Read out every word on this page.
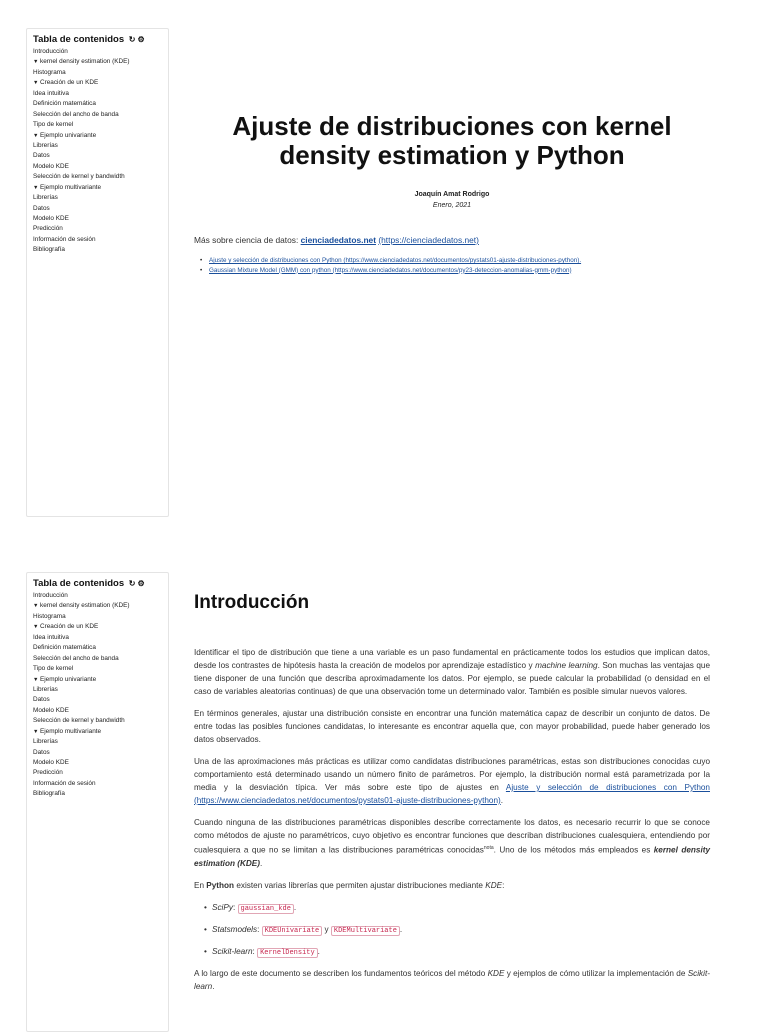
Tabla de contenidos ↻ ⚙
Introducción
▼ kernel density estimation (KDE)
Histograma
▼ Creación de un KDE
Idea intuitiva
Definición matemática
Selección del ancho de banda
Tipo de kernel
▼ Ejemplo univariante
Librerías
Datos
Modelo KDE
Selección de kernel y bandwidth
▼ Ejemplo multivariante
Librerías
Datos
Modelo KDE
Predicción
Información de sesión
Bibliografía
Ajuste de distribuciones con kernel density estimation y Python
Joaquín Amat Rodrigo
Enero, 2021
Más sobre ciencia de datos: cienciadedatos.net (https://cienciadedatos.net)
• Ajuste y selección de distribuciones con Python (https://www.cienciadedatos.net/documentos/pystats01-ajuste-distribuciones-python).
• Gaussian Mixture Model (GMM) con python (https://www.cienciadedatos.net/documentos/py23-deteccion-anomalias-gmm-python)
Tabla de contenidos ↻ ⚙
Introducción
▼ kernel density estimation (KDE)
Histograma
▼ Creación de un KDE
Idea intuitiva
Definición matemática
Selección del ancho de banda
Tipo de kernel
▼ Ejemplo univariante
Librerías
Datos
Modelo KDE
Selección de kernel y bandwidth
▼ Ejemplo multivariante
Librerías
Datos
Modelo KDE
Predicción
Información de sesión
Bibliografía
Introducción

Identificar el tipo de distribución que tiene a una variable es un paso fundamental en prácticamente todos los estudios que implican datos, desde los contrastes de hipótesis hasta la creación de modelos por aprendizaje estadístico y machine learning. Son muchas las ventajas que tiene disponer de una función que describa aproximadamente los datos. Por ejemplo, se puede calcular la probabilidad (o densidad en el caso de variables aleatorias continuas) de que una observación tome un determinado valor. También es posible simular nuevos valores.

En términos generales, ajustar una distribución consiste en encontrar una función matemática capaz de describir un conjunto de datos. De entre todas las posibles funciones candidatas, lo interesante es encontrar aquella que, con mayor probabilidad, puede haber generado los datos observados.

Una de las aproximaciones más prácticas es utilizar como candidatas distribuciones paramétricas, estas son distribuciones conocidas cuyo comportamiento está determinado usando un número finito de parámetros. Por ejemplo, la distribución normal está parametrizada por la media y la desviación típica. Ver más sobre este tipo de ajustes en Ajuste y selección de distribuciones con Python (https://www.cienciadedatos.net/documentos/pystats01-ajuste-distribuciones-python).

Cuando ninguna de las distribuciones paramétricas disponibles describe correctamente los datos, es necesario recurrir lo que se conoce como métodos de ajuste no paramétricos, cuyo objetivo es encontrar funciones que describan distribuciones cualesquiera, entendiendo por cualesquiera a que no se limitan a las distribuciones paramétricas conocidas$^{nota}$. Uno de los métodos más empleados es kernel density estimation (KDE).

En Python existen varias librerías que permiten ajustar distribuciones mediante KDE:

• SciPy: gaussian_kde .
• Statsmodels: KDEUnivariate y KDEMultivariate .
• Scikit-learn: KernelDensity .

A lo largo de este documento se describen los fundamentos teóricos del método KDE y ejemplos de cómo utilizar la implementación de Scikit-learn.
